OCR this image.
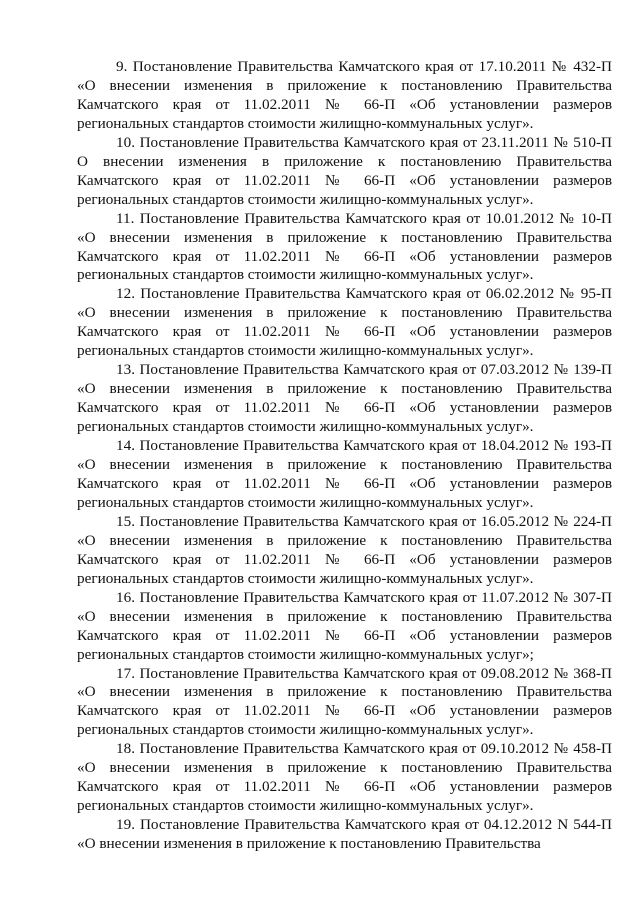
9. Постановление Правительства Камчатского края от 17.10.2011 № 432-П «О внесении изменения в приложение к постановлению Правительства Камчатского края от 11.02.2011 № 66-П «Об установлении размеров региональных стандартов стоимости жилищно-коммунальных услуг».

10. Постановление Правительства Камчатского края от 23.11.2011 № 510-П О внесении изменения в приложение к постановлению Правительства Камчатского края от 11.02.2011 № 66-П «Об установлении размеров региональных стандартов стоимости жилищно-коммунальных услуг».

11. Постановление Правительства Камчатского края от 10.01.2012 № 10-П «О внесении изменения в приложение к постановлению Правительства Камчатского края от 11.02.2011 № 66-П «Об установлении размеров региональных стандартов стоимости жилищно-коммунальных услуг».

12. Постановление Правительства Камчатского края от 06.02.2012 № 95-П «О внесении изменения в приложение к постановлению Правительства Камчатского края от 11.02.2011 № 66-П «Об установлении размеров региональных стандартов стоимости жилищно-коммунальных услуг».

13. Постановление Правительства Камчатского края от 07.03.2012 № 139-П «О внесении изменения в приложение к постановлению Правительства Камчатского края от 11.02.2011 № 66-П «Об установлении размеров региональных стандартов стоимости жилищно-коммунальных услуг».

14. Постановление Правительства Камчатского края от 18.04.2012 № 193-П «О внесении изменения в приложение к постановлению Правительства Камчатского края от 11.02.2011 № 66-П «Об установлении размеров региональных стандартов стоимости жилищно-коммунальных услуг».

15. Постановление Правительства Камчатского края от 16.05.2012 № 224-П «О внесении изменения в приложение к постановлению Правительства Камчатского края от 11.02.2011 № 66-П «Об установлении размеров региональных стандартов стоимости жилищно-коммунальных услуг».

16. Постановление Правительства Камчатского края от 11.07.2012 № 307-П «О внесении изменения в приложение к постановлению Правительства Камчатского края от 11.02.2011 № 66-П «Об установлении размеров региональных стандартов стоимости жилищно-коммунальных услуг»;

17. Постановление Правительства Камчатского края от 09.08.2012 № 368-П «О внесении изменения в приложение к постановлению Правительства Камчатского края от 11.02.2011 № 66-П «Об установлении размеров региональных стандартов стоимости жилищно-коммунальных услуг».

18. Постановление Правительства Камчатского края от 09.10.2012 № 458-П «О внесении изменения в приложение к постановлению Правительства Камчатского края от 11.02.2011 № 66-П «Об установлении размеров региональных стандартов стоимости жилищно-коммунальных услуг».

19. Постановление Правительства Камчатского края от 04.12.2012 N 544-П «О внесении изменения в приложение к постановлению Правительства
